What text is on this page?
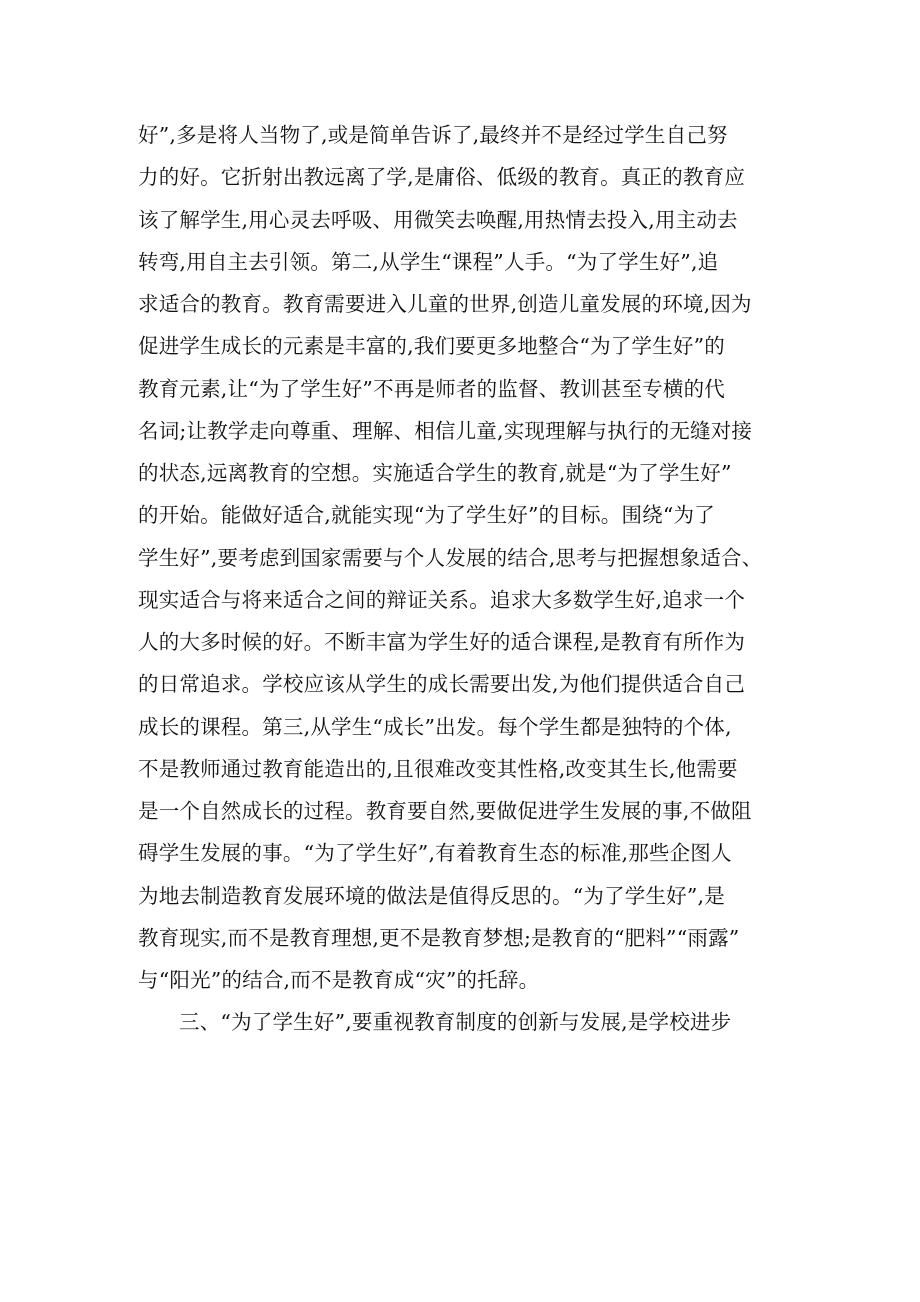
好”,多是将人当物了,或是简单告诉了,最终并不是经过学生自己努
力的好。它折射出教远离了学,是庸俗、低级的教育。真正的教育应
该了解学生,用心灵去呼吸、用微笑去唤醒,用热情去投入,用主动去
转弯,用自主去引领。第二,从学生“课程”人手。“为了学生好”,追
求适合的教育。教育需要进入儿童的世界,创造儿童发展的环境,因为
促进学生成长的元素是丰富的,我们要更多地整合“为了学生好”的
教育元素,让“为了学生好”不再是师者的监督、教训甚至专横的代
名词;让教学走向尊重、理解、相信儿童,实现理解与执行的无缝对接
的状态,远离教育的空想。实施适合学生的教育,就是“为了学生好”
的开始。能做好适合,就能实现“为了学生好”的目标。围绕“为了
学生好”,要考虑到国家需要与个人发展的结合,思考与把握想象适合、
现实适合与将来适合之间的辩证关系。追求大多数学生好,追求一个
人的大多时候的好。不断丰富为学生好的适合课程,是教育有所作为
的日常追求。学校应该从学生的成长需要出发,为他们提供适合自己
成长的课程。第三,从学生“成长”出发。每个学生都是独特的个体,
不是教师通过教育能造出的,且很难改变其性格,改变其生长,他需要
是一个自然成长的过程。教育要自然,要做促进学生发展的事,不做阻
碍学生发展的事。“为了学生好”,有着教育生态的标准,那些企图人
为地去制造教育发展环境的做法是值得反思的。“为了学生好”,是
教育现实,而不是教育理想,更不是教育梦想;是教育的“肥料”“雨露”
与“阳光”的结合,而不是教育成“灾”的托辞。
三、“为了学生好”,要重视教育制度的创新与发展,是学校进步
